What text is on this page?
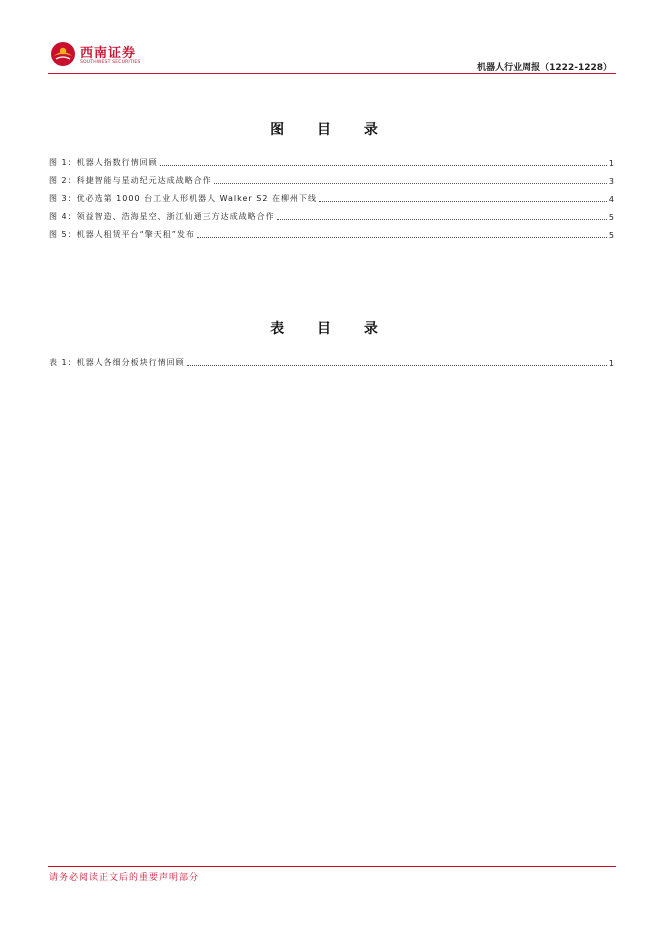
西南证券
SOUTHWEST SECURITIES
机器人行业周报（1222-1228）
图 目 录
图 1：机器人指数行情回顾	1
图 2：科捷智能与星动纪元达成战略合作	3
图 3：优必选第 1000 台工业人形机器人 Walker S2 在柳州下线	4
图 4：领益智造、浩海星空、浙江仙通三方达成战略合作	5
图 5：机器人租赁平台“擎天租”发布	5
表 目 录
表 1：机器人各细分板块行情回顾	1
请务必阅读正文后的重要声明部分
